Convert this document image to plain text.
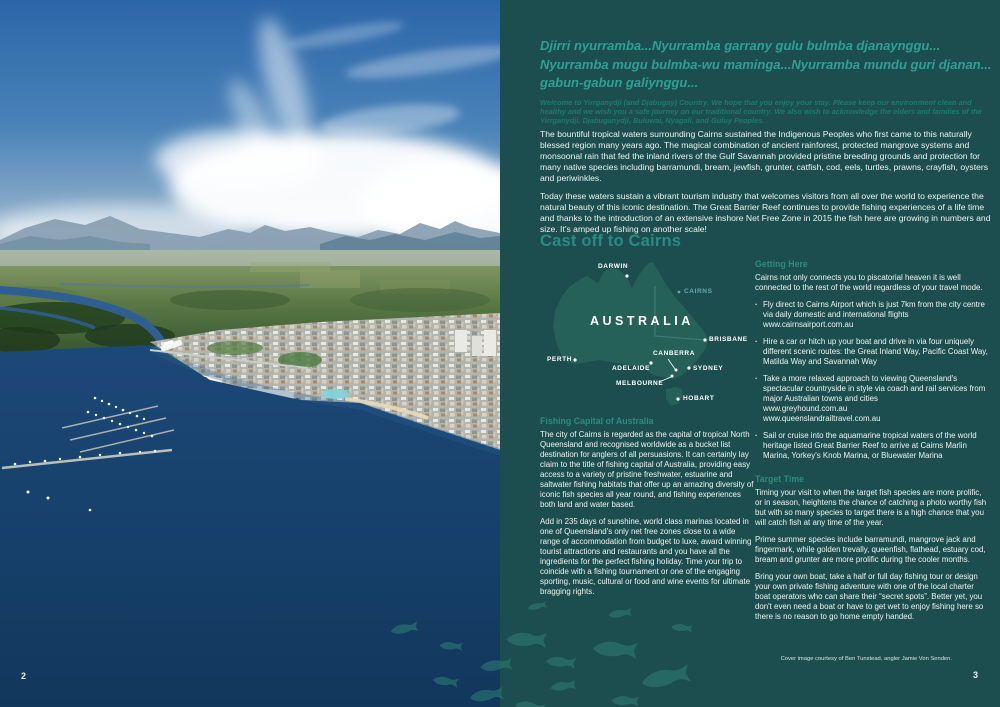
2
Djirri nyurramba...Nyurramba garrany gulu bulmba djanaynggu...
Nyurramba mugu bulmba-wu maminga...Nyurramba mundu guri djanan...
gabun-gabun galiynggu...
Welcome to Yirrganydji (and Djabugay) Country. We hope that you enjoy your stay. Please keep our environment clean and healthy and we wish you a safe journey on our traditional country. We also wish to acknowledge the elders and families of the Yirrganydji, Djabuganydji, Buluwai, Nyagali, and Guluy Peoples.
The bountiful tropical waters surrounding Cairns sustained the Indigenous Peoples who first came to this naturally blessed region many years ago. The magical combination of ancient rainforest, protected mangrove systems and monsoonal rain that fed the inland rivers of the Gulf Savannah provided pristine breeding grounds and protection for many native species including barramundi, bream, jewfish, grunter, catfish, cod, eels, turtles, prawns, crayfish, oysters and periwinkles.
Today these waters sustain a vibrant tourism industry that welcomes visitors from all over the world to experience the natural beauty of this iconic destination. The Great Barrier Reef continues to provide fishing experiences of a life time and thanks to the introduction of an extensive inshore Net Free Zone in 2015 the fish here are growing in numbers and size. It's amped up fishing on another scale!
Cast off to Cairns
AUSTRALIA
DARWIN
CAIRNS
BRISBANE
PERTH
ADELAIDE
CANBERRA
SYDNEY
MELBOURNE
HOBART
Fishing Capital of Australia

The city of Cairns is regarded as the capital of tropical North Queensland and recognised worldwide as a bucket list destination for anglers of all persuasions. It can certainly lay claim to the title of fishing capital of Australia, providing easy access to a variety of pristine freshwater, estuarine and saltwater fishing habitats that offer up an amazing diversity of iconic fish species all year round, and fishing experiences both land and water based.

Add in 235 days of sunshine, world class marinas located in one of Queensland's only net free zones close to a wide range of accommodation from budget to luxe, award winning tourist attractions and restaurants and you have all the ingredients for the perfect fishing holiday. Time your trip to coincide with a fishing tournament or one of the engaging sporting, music, cultural or food and wine events for ultimate bragging rights.

Getting Here

Cairns not only connects you to piscatorial heaven it is well connected to the rest of the world regardless of your travel mode.

· Fly direct to Cairns Airport which is just 7km from the city centre via daily domestic and international flights
www.cairnsairport.com.au
· Hire a car or hitch up your boat and drive in via four uniquely different scenic routes: the Great Inland Way, Pacific Coast Way, Matilda Way and Savannah Way
· Take a more relaxed approach to viewing Queensland's spectacular countryside in style via coach and rail services from major Australian towns and cities
www.greyhound.com.au
www.queenslandrailtravel.com.au
· Sail or cruise into the aquamarine tropical waters of the world heritage listed Great Barrier Reef to arrive at Cairns Marlin Marina, Yorkey's Knob Marina, or Bluewater Marina
Target Time

Timing your visit to when the target fish species are more prolific, or in season, heightens the chance of catching a photo worthy fish but with so many species to target there is a high chance that you will catch fish at any time of the year.

Prime summer species include barramundi, mangrove jack and fingermark, while golden trevally, queenfish, flathead, estuary cod, bream and grunter are more prolific during the cooler months.

Bring your own boat, take a half or full day fishing tour or design your own private fishing adventure with one of the local charter boat operators who can share their “secret spots”. Better yet, you don't even need a boat or have to get wet to enjoy fishing here so there is no reason to go home empty handed.

Cover image courtesy of Ben Tunstead, angler Jamie Von Senden.
3
